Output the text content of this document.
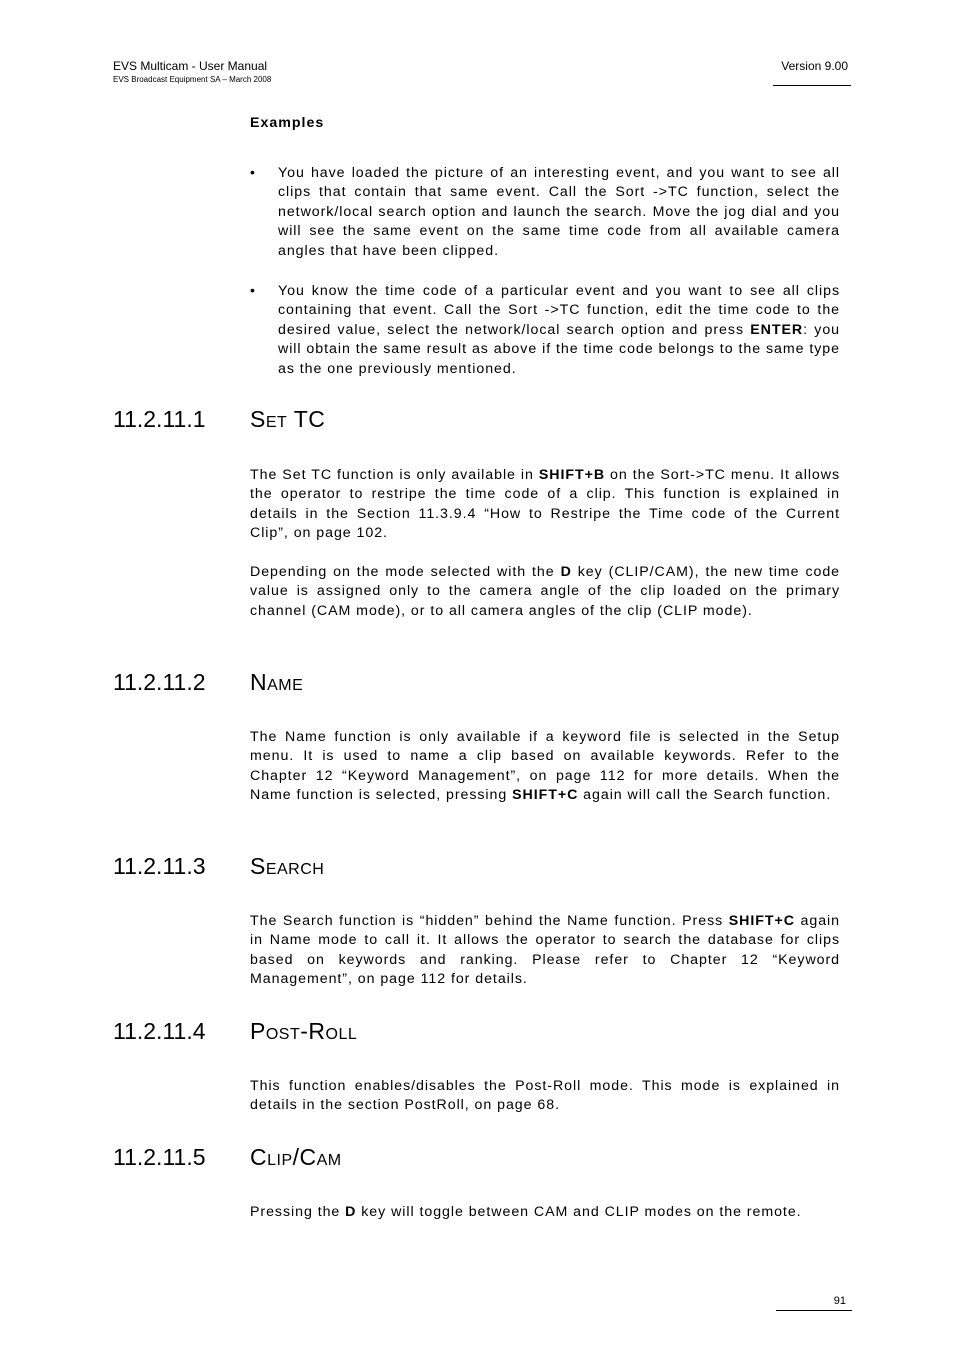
EVS Multicam - User Manual
EVS Broadcast Equipment SA – March 2008
Version 9.00
Examples
• You have loaded the picture of an interesting event, and you want to see all clips that contain that same event. Call the Sort ->TC function, select the network/local search option and launch the search. Move the jog dial and you will see the same event on the same time code from all available camera angles that have been clipped.

• You know the time code of a particular event and you want to see all clips containing that event. Call the Sort ->TC function, edit the time code to the desired value, select the network/local search option and press ENTER: you will obtain the same result as above if the time code belongs to the same type as the one previously mentioned.

11.2.11.1	Set TC

The Set TC function is only available in SHIFT+B on the Sort->TC menu. It allows the operator to restripe the time code of a clip. This function is explained in details in the Section 11.3.9.4 “How to Restripe the Time code of the Current Clip”, on page 102.

Depending on the mode selected with the D key (CLIP/CAM), the new time code value is assigned only to the camera angle of the clip loaded on the primary channel (CAM mode), or to all camera angles of the clip (CLIP mode).

11.2.11.2	Name

The Name function is only available if a keyword file is selected in the Setup menu. It is used to name a clip based on available keywords. Refer to the Chapter 12 “Keyword Management”, on page 112 for more details. When the Name function is selected, pressing SHIFT+C again will call the Search function.

11.2.11.3	Search

The Search function is “hidden” behind the Name function. Press SHIFT+C again in Name mode to call it. It allows the operator to search the database for clips based on keywords and ranking. Please refer to Chapter 12 “Keyword Management”, on page 112 for details.

11.2.11.4	Post-Roll

This function enables/disables the Post-Roll mode. This mode is explained in details in the section PostRoll, on page 68.

11.2.11.5	Clip/Cam

Pressing the D key will toggle between CAM and CLIP modes on the remote.

91
